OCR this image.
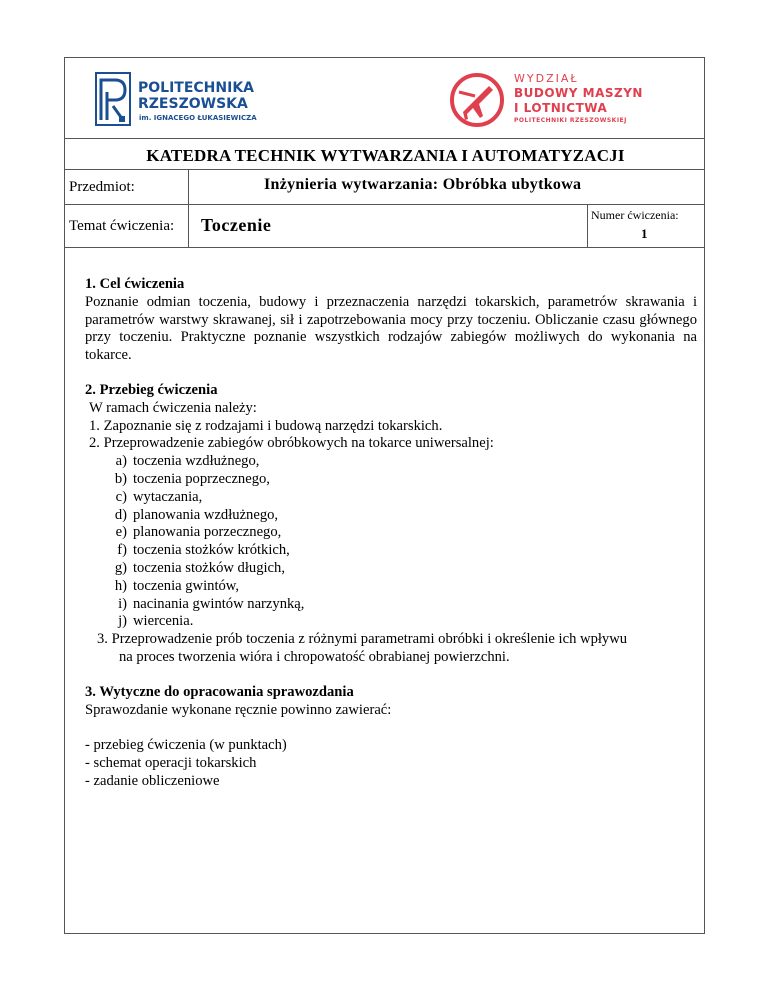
POLITECHNIKA
RZESZOWSKA
im. IGNACEGO ŁUKASIEWICZA
WYDZIAŁ
BUDOWY MASZYN
I LOTNICTWA
POLITECHNIKI RZESZOWSKIEJ
KATEDRA TECHNIK WYTWARZANIA I AUTOMATYZACJI
Przedmiot:	Inżynieria wytwarzania: Obróbka ubytkowa
Temat ćwiczenia: Toczenie	Numer ćwiczenia:
1
1. Cel ćwiczenia

Poznanie odmian toczenia, budowy i przeznaczenia narzędzi tokarskich, parametrów skrawania i parametrów warstwy skrawanej, sił i zapotrzebowania mocy przy toczeniu. Obliczanie czasu głównego przy toczeniu. Praktyczne poznanie wszystkich rodzajów zabiegów możliwych do wykonania na tokarce.

2. Przebieg ćwiczenia

W ramach ćwiczenia należy:

1. Zapoznanie się z rodzajami i budową narzędzi tokarskich.

2. Przeprowadzenie zabiegów obróbkowych na tokarce uniwersalnej:

a) toczenia wzdłużnego,
b) toczenia poprzecznego,
c) wytaczania,
d) planowania wzdłużnego,
e) planowania porzecznego,
f) toczenia stożków krótkich,
g) toczenia stożków długich,
h) toczenia gwintów,
i) nacinania gwintów narzynką,
j) wiercenia.

3. Przeprowadzenie prób toczenia z różnymi parametrami obróbki i określenie ich wpływu

na proces tworzenia wióra i chropowatość obrabianej powierzchni.

3. Wytyczne do opracowania sprawozdania

Sprawozdanie wykonane ręcznie powinno zawierać:

- przebieg ćwiczenia (w punktach)

- schemat operacji tokarskich

- zadanie obliczeniowe
